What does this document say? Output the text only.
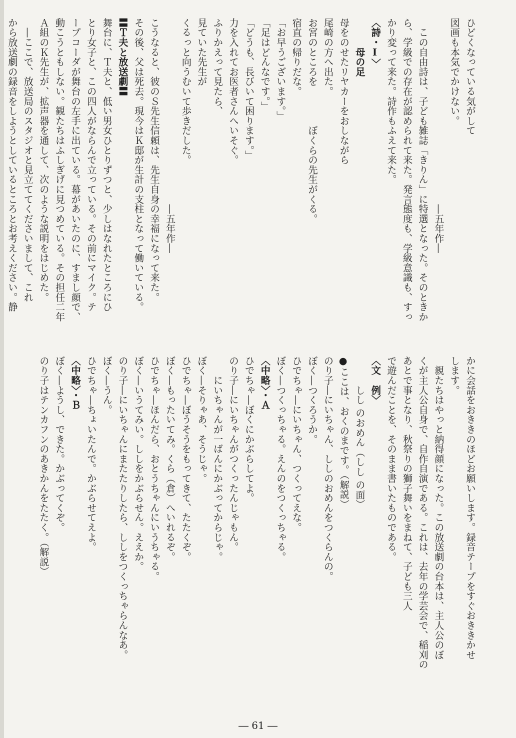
ひどくなっている気がして
図画も本気でかけない。
　　　　　　　　　　　　　　　　　　　―五年作―
　この自由詩は、子ども雑誌「きりん」に特選となった。そのときか
ら、学級での存在が認められて来た。発言態度も、学級意識も、すっ
かり変って来た。詩作もふえて来た。
〈詩・Ⅰ〉
　　　母の足
母をのせたリヤカーをおしながら
尾崎の方へ出た。
お宮のところを　　　　ぼくらの先生がくる。
宿直の帰りだな。
「お早うございます。」
「足はどんなです。」
「どうも、長びいて困ります。」
力を入れてお医者さんへいそぐ。
ふりかえって見たら、
見ていた先生が
くるっと向うむいて歩きだした。
　　　　　　　　　　　　　　　　　　　―五年作―
こうなると、彼のＳ先生信頼は、先生自身の幸福になって来た。
その後、父は死去。現今はＫ邸が生計の支柱となって働いている。
〓Ｔ夫と放送劇〓
舞台に、Ｔ夫と、低い男女ひとりずつと、少しはなれたところにひ
とり女子と、この四人がならんで立っている。その前にマイク。テ
ープコーダが舞台の左手に出ている。幕があいたのに、すまし顔で、
動こうともしない。観たちはふしぎげに見つめている。その担任二年
Ａ組のＫ先生が、拡声器を通して、次のような説明をはじめた。
　―ここで、放送局のスタジオと見立ててくださいまして、これ
から放送劇の録音をしようとしているところとお考えください。静
かに会話をおききのほどお願いします。録音テープをすぐおききかせ
します。
　親たちはやっと納得顔になった。この放送劇の台本は、主人公のぼ
くが主人公自身で、自作自演である。これは、去年の学芸会で、稲刈の
あとで事となり、秋祭りの獅子舞いをまねて、子ども三人
で遊んだことを、そのまま書いたものである。
〈文　例〉
　　　しし のおめん（しし の面）
●ここは、おくのまです。（解説）
のり子―にいちゃん、ししのおめんをつくらんの。
ぼく―つくろうか。
ひでちゃ―にいちゃん、つくってえな。
ぼく―つくっちゃる。えんのをつくっちゃる。
〈中略〉・Ａ
ひでちゃ―ぼくにかぶらしてよ。
のり子―にいちゃんがつくったんじゃもん。
　　にいちゃんが一ばんにかぶってからじゃ。
ぼく―そりゃあ、そうじゃ。
ひでちゃ―ぼうそうをもってきて、たたくぞ。
ぼく―もったいてみ。くら（倉）へいれるぞ。
ひでちゃ―ほんだら、おとうちゃんにいうちゃる。
ぼく―いうてみい。ししをかぶらせん。ええか。
のり子―にいちゃんにまたたりしたら、ししをつくっちゃらんなあ。
ぼく―うん。
ひでちゃ―ちょいたんで。かぶらせてえよ。
〈中略〉・Ｂ
ぼく―ようし、できた。かぶってくぞ。
のり子はテンカフンのあきかんをたたく。（解説）
― 61 ―
